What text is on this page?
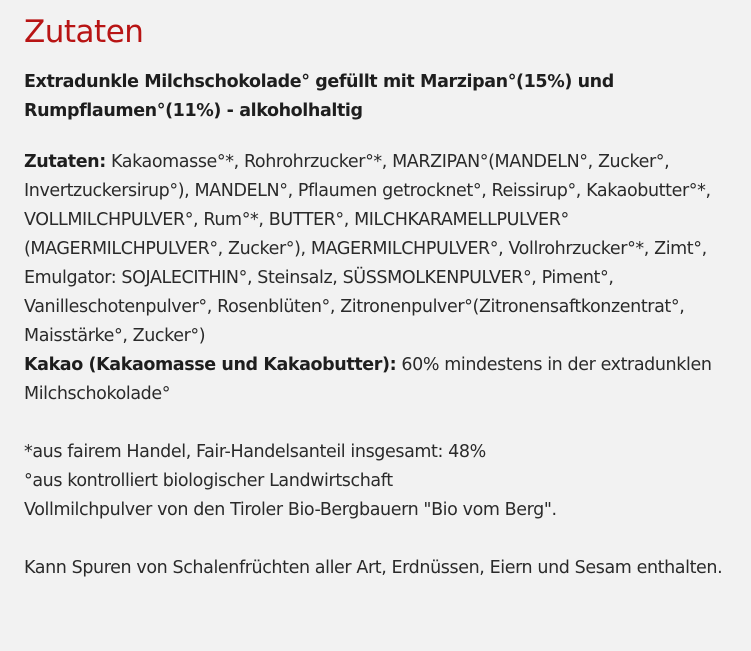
Zutaten

Extradunkle Milchschokolade° gefüllt mit Marzipan°(15%) und Rumpflaumen°(11%) - alkoholhaltig

Zutaten: Kakaomasse°*, Rohrohrzucker°*, MARZIPAN°(MANDELN°, Zucker°, Invertzuckersirup°), MANDELN°, Pflaumen getrocknet°, Reissirup°, Kakaobutter°*, VOLLMILCHPULVER°, Rum°*, BUTTER°, MILCHKARAMELLPULVER°(MAGERMILCHPULVER°, Zucker°), MAGERMILCHPULVER°, Vollrohrzucker°*, Zimt°, Emulgator: SOJALECITHIN°, Steinsalz, SÜSSMOLKENPULVER°, Piment°, Vanilleschotenpulver°, Rosenblüten°, Zitronenpulver°(Zitronensaftkonzentrat°, Maisstärke°, Zucker°)

Kakao (Kakaomasse und Kakaobutter): 60% mindestens in der extradunklen Milchschokolade°

*aus fairem Handel, Fair-Handelsanteil insgesamt: 48%

°aus kontrolliert biologischer Landwirtschaft

Vollmilchpulver von den Tiroler Bio-Bergbauern "Bio vom Berg".

Kann Spuren von Schalenfrüchten aller Art, Erdnüssen, Eiern und Sesam enthalten.
